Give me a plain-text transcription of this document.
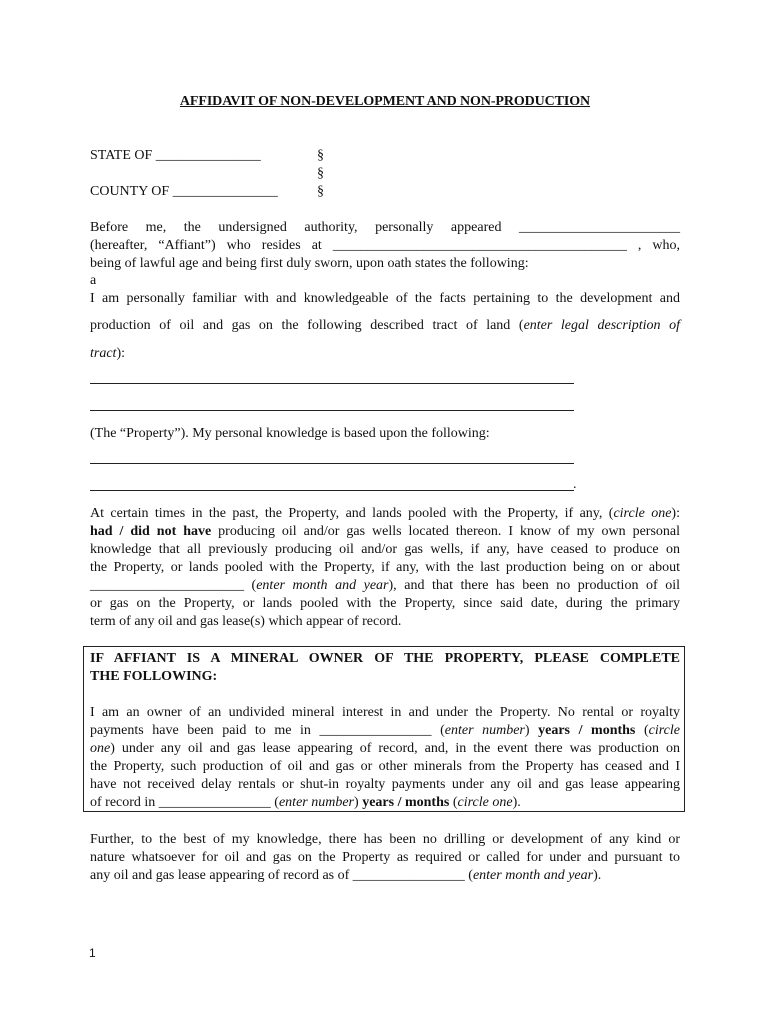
AFFIDAVIT OF NON-DEVELOPMENT AND NON-PRODUCTION
STATE OF _______________	§
§
COUNTY OF _______________	§
Before me, the undersigned authority, personally appeared _______________________
(hereafter, “Affiant”) who resides at __________________________________________ , who,
being of lawful age and being first duly sworn, upon oath states the following:
a
I am personally familiar with and knowledgeable of the facts pertaining to the development and
production of oil and gas on the following described tract of land (enter legal description of
tract):
(The “Property”). My personal knowledge is based upon the following:
.
At certain times in the past, the Property, and lands pooled with the Property, if any, (circle one):
had / did not have producing oil and/or gas wells located thereon. I know of my own personal
knowledge that all previously producing oil and/or gas wells, if any, have ceased to produce on
the Property, or lands pooled with the Property, if any, with the last production being on or about
______________________ (enter month and year), and that there has been no production of oil
or gas on the Property, or lands pooled with the Property, since said date, during the primary
term of any oil and gas lease(s) which appear of record.
IF AFFIANT IS A MINERAL OWNER OF THE PROPERTY, PLEASE COMPLETE
THE FOLLOWING:
I am an owner of an undivided mineral interest in and under the Property. No rental or royalty
payments have been paid to me in ________________ (enter number) years / months (circle
one) under any oil and gas lease appearing of record, and, in the event there was production on
the Property, such production of oil and gas or other minerals from the Property has ceased and I
have not received delay rentals or shut-in royalty payments under any oil and gas lease appearing
of record in ________________ (enter number) years / months (circle one).
Further, to the best of my knowledge, there has been no drilling or development of any kind or
nature whatsoever for oil and gas on the Property as required or called for under and pursuant to
any oil and gas lease appearing of record as of ________________ (enter month and year).
1
